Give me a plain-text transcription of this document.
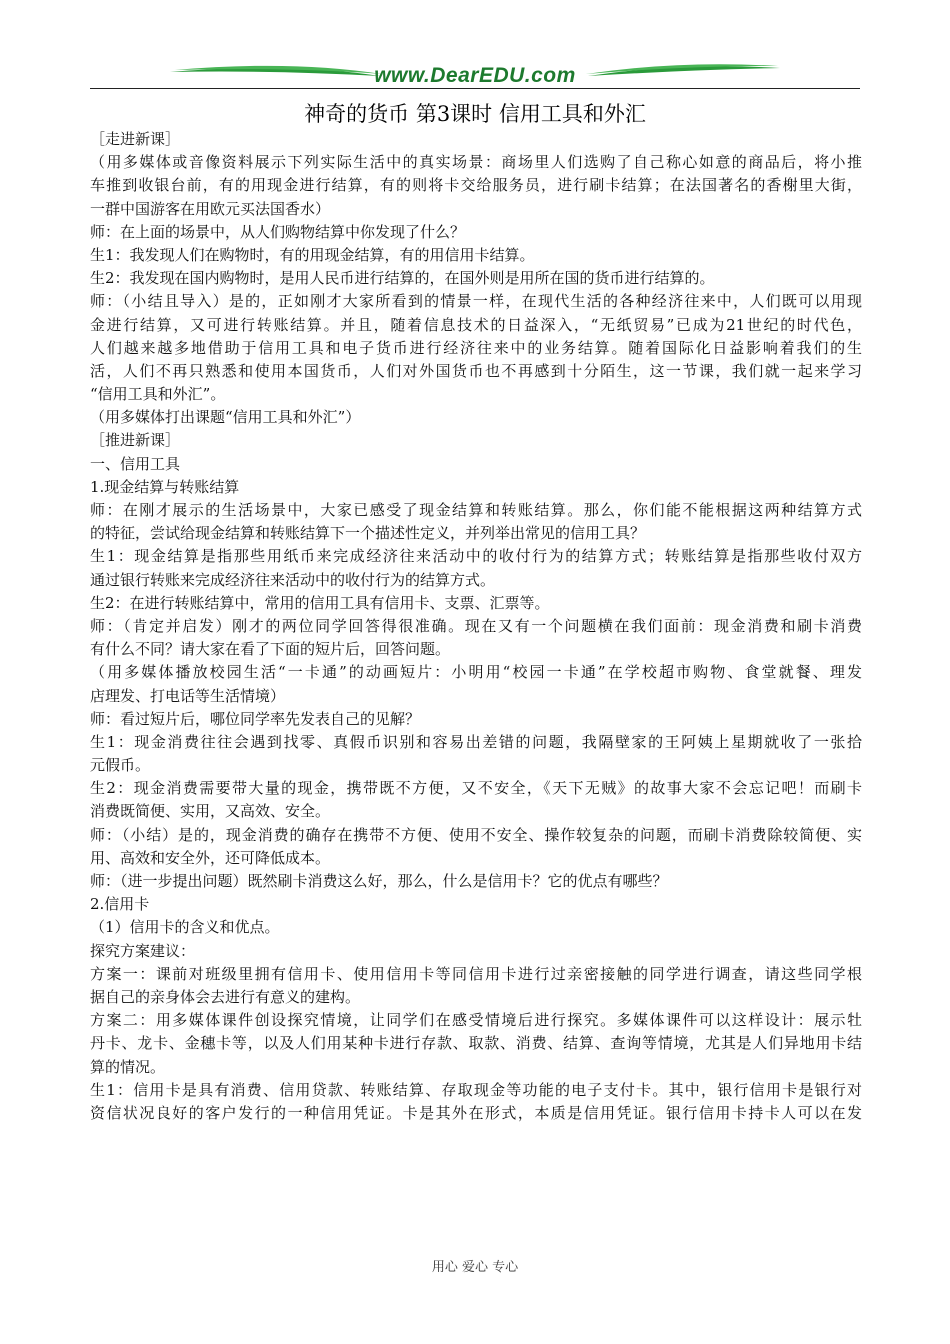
www.DearEDU.com
神奇的货币 第3课时 信用工具和外汇
［走进新课］
（用多媒体或音像资料展示下列实际生活中的真实场景：商场里人们选购了自己称心如意的商品后，将小推
车推到收银台前，有的用现金进行结算，有的则将卡交给服务员，进行刷卡结算；在法国著名的香榭里大街，
一群中国游客在用欧元买法国香水）
师：在上面的场景中，从人们购物结算中你发现了什么？
生1：我发现人们在购物时，有的用现金结算，有的用信用卡结算。
生2：我发现在国内购物时，是用人民币进行结算的，在国外则是用所在国的货币进行结算的。
师：（小结且导入）是的，正如刚才大家所看到的情景一样，在现代生活的各种经济往来中，人们既可以用现
金进行结算，又可进行转账结算。并且，随着信息技术的日益深入，“无纸贸易”已成为21世纪的时代色，
人们越来越多地借助于信用工具和电子货币进行经济往来中的业务结算。随着国际化日益影响着我们的生
活，人们不再只熟悉和使用本国货币，人们对外国货币也不再感到十分陌生，这一节课，我们就一起来学习
“信用工具和外汇”。
（用多媒体打出课题“信用工具和外汇”）
［推进新课］
一、信用工具
1.现金结算与转账结算
师：在刚才展示的生活场景中，大家已感受了现金结算和转账结算。那么，你们能不能根据这两种结算方式
的特征，尝试给现金结算和转账结算下一个描述性定义，并列举出常见的信用工具？
生1：现金结算是指那些用纸币来完成经济往来活动中的收付行为的结算方式；转账结算是指那些收付双方
通过银行转账来完成经济往来活动中的收付行为的结算方式。
生2：在进行转账结算中，常用的信用工具有信用卡、支票、汇票等。
师：（肯定并启发）刚才的两位同学回答得很准确。现在又有一个问题横在我们面前：现金消费和刷卡消费
有什么不同？请大家在看了下面的短片后，回答问题。
（用多媒体播放校园生活“一卡通”的动画短片：小明用“校园一卡通”在学校超市购物、食堂就餐、理发
店理发、打电话等生活情境）
师：看过短片后，哪位同学率先发表自己的见解？
生1：现金消费往往会遇到找零、真假币识别和容易出差错的问题，我隔壁家的王阿姨上星期就收了一张拾
元假币。
生2：现金消费需要带大量的现金，携带既不方便，又不安全，《天下无贼》的故事大家不会忘记吧！而刷卡
消费既简便、实用，又高效、安全。
师：（小结）是的，现金消费的确存在携带不方便、使用不安全、操作较复杂的问题，而刷卡消费除较简便、实
用、高效和安全外，还可降低成本。
师：（进一步提出问题）既然刷卡消费这么好，那么，什么是信用卡？它的优点有哪些？
2.信用卡
（1）信用卡的含义和优点。
探究方案建议：
方案一：课前对班级里拥有信用卡、使用信用卡等同信用卡进行过亲密接触的同学进行调查，请这些同学根
据自己的亲身体会去进行有意义的建构。
方案二：用多媒体课件创设探究情境，让同学们在感受情境后进行探究。多媒体课件可以这样设计：展示牡
丹卡、龙卡、金穗卡等，以及人们用某种卡进行存款、取款、消费、结算、查询等情境，尤其是人们异地用卡结
算的情况。
生1：信用卡是具有消费、信用贷款、转账结算、存取现金等功能的电子支付卡。其中，银行信用卡是银行对
资信状况良好的客户发行的一种信用凭证。卡是其外在形式，本质是信用凭证。银行信用卡持卡人可以在发
用心 爱心 专心
